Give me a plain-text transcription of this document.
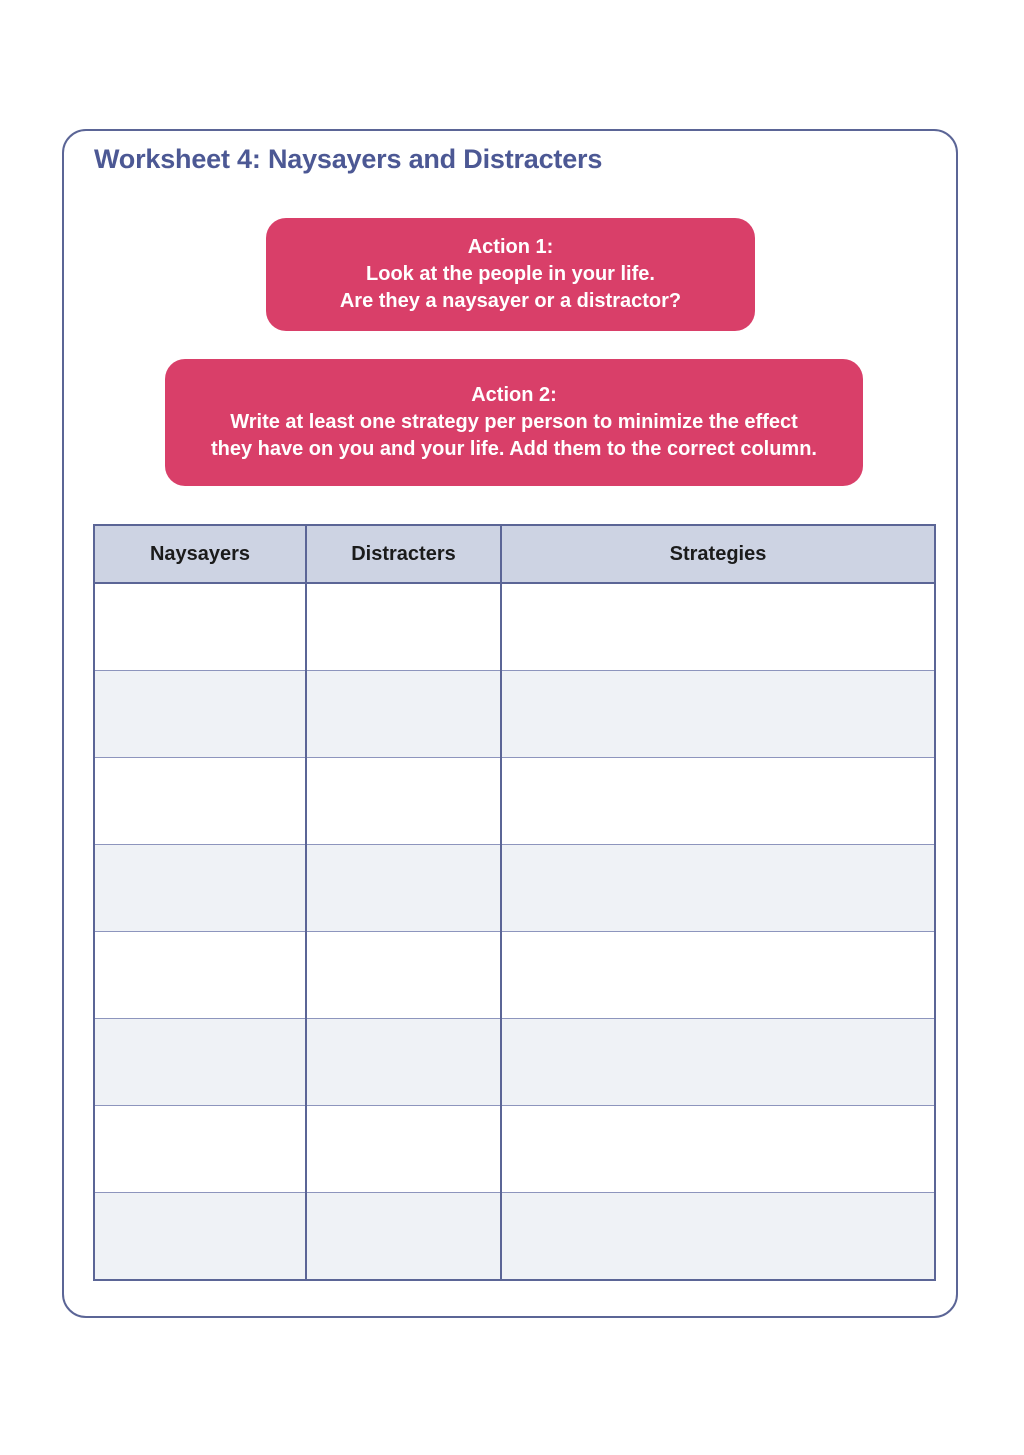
Worksheet 4: Naysayers and Distracters
Action 1:
Look at the people in your life.
Are they a naysayer or a distractor?
Action 2:
Write at least one strategy per person to minimize the effect
they have on you and your life. Add them to the correct column.
Naysayers	Distracters	Strategies
